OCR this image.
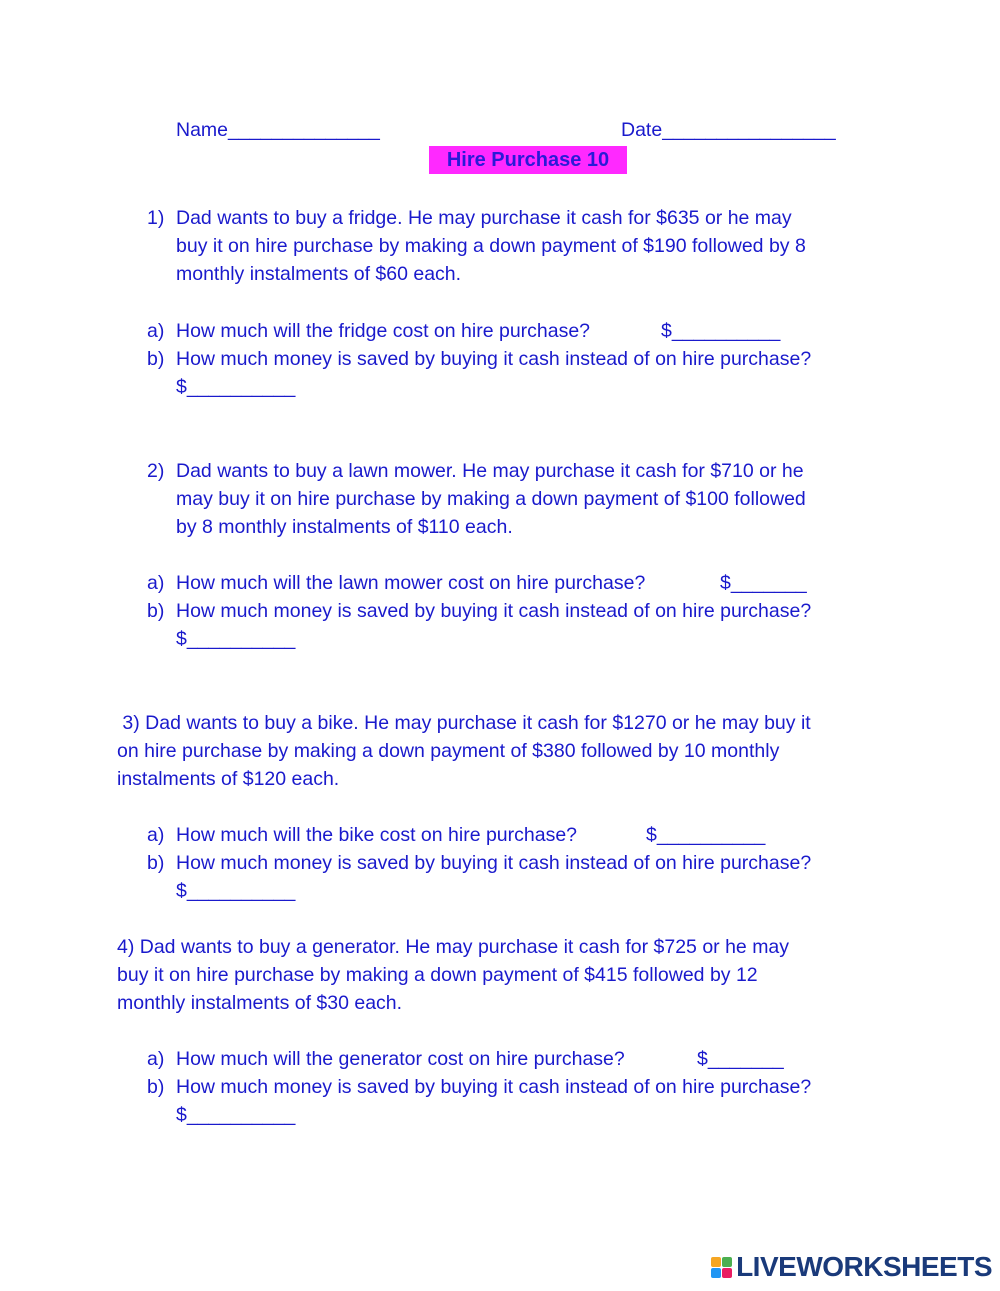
Name______________	Date________________
Hire Purchase 10
1) Dad wants to buy a fridge. He may purchase it cash for $635 or he may
buy it on hire purchase by making a down payment of $190 followed by 8
monthly instalments of $60 each.
a) How much will the fridge cost on hire purchase?	$__________
b) How much money is saved by buying it cash instead of on hire purchase?
$__________
2) Dad wants to buy a lawn mower. He may purchase it cash for $710 or he
may buy it on hire purchase by making a down payment of $100 followed
by 8 monthly instalments of $110 each.
a) How much will the lawn mower cost on hire purchase?	$_______
b) How much money is saved by buying it cash instead of on hire purchase?
$__________
3) Dad wants to buy a bike. He may purchase it cash for $1270 or he may buy it
on hire purchase by making a down payment of $380 followed by 10 monthly
instalments of $120 each.
a) How much will the bike cost on hire purchase?	$__________
b) How much money is saved by buying it cash instead of on hire purchase?
$__________
4) Dad wants to buy a generator. He may purchase it cash for $725 or he may
buy it on hire purchase by making a down payment of $415 followed by 12
monthly instalments of $30 each.
a) How much will the generator cost on hire purchase?	$_______
b) How much money is saved by buying it cash instead of on hire purchase?
$__________
LIVEWORKSHEETS
